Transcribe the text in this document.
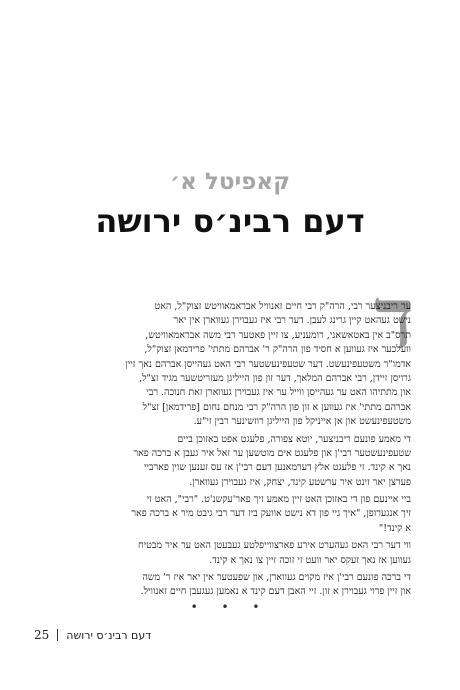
קאפיטל א׳
דעם רבינ׳ס ירושה
ד
ער ריבניצער רבי, הרה"ק רבי חיים זאנוויל אבראמאוויטש זצוק"ל, האט
נישט געהאט קיין גרינג לעבן. דער רבי איז געבוירן געווארן אין יאר
תרס"ב אין באטאשאני, רומעניע, צו זיין פאטער רבי משה אבראמאוויטש,
וועלכער איז געווען א חסיד פון הרה"ק ר' אברהם מתתי' פרידמאן זצוק"ל,
אדמו"ר משטעפינעשט. דער שטעפינעשטער רבי האט געהייסן אברהם נאך זיין
גרויסן זיידן, רבי אברהם המלאך, דער זון פון הייליגן מעזריטשער מגיד זצ"ל,
און מתתיהו האט ער געהייסן ווייל ער איז געבוירן געווארן זאת חנוכה. רבי
אברהם מתתי' איז געווען א זון פון הרה"ק רבי מנחם נחום [פרידמאן] זצ"ל
משטעפינעשט און אן אייניקל פון הייליגן רוזשינער רבין זי"ע.
די מאמע פונעם ריבניצער, יוטא צפורה, פלעגט אפט באזוכן ביים
שטעפינעשטער רבי'ן און פלעגט אים מוטשען ער זאל איר געבן א ברכה פאר
נאך א קינד. זי פלעגט אלץ דערמאנען דעם רבי'ן אז עס זענען שוין פארביי
פערצן יאר זינט איר ערשטע קינד, יצחק, איז געבוירן געווארן.
ביי איינעם פון די באזוכן האט זיין מאמע זיך פאר'עקשנ'ט. "רבי", האט זי
זיך אנגערופן, "איך גיי פון דא נישט אוועק ביז דער רבי גיבט מיר א ברכה פאר
א קינד!"
ווי דער רבי האט געהערט אירע פארצווייפלטע געבעטן האט ער איר מבטיח
געווען אז נאך זעקס יאר וועט זי זוכה זיין צו נאך א קינד.
די ברכה פונעם רבי'ן איז מקוים געווארן, און שפעטער אין יאר איז ר' משה
און זיין פרוי געבוירן א זון. זיי האבן דעם קינד א נאמען געגעבן חיים זאנוויל.
• • •
25 דעם רבינ׳ס ירושה
